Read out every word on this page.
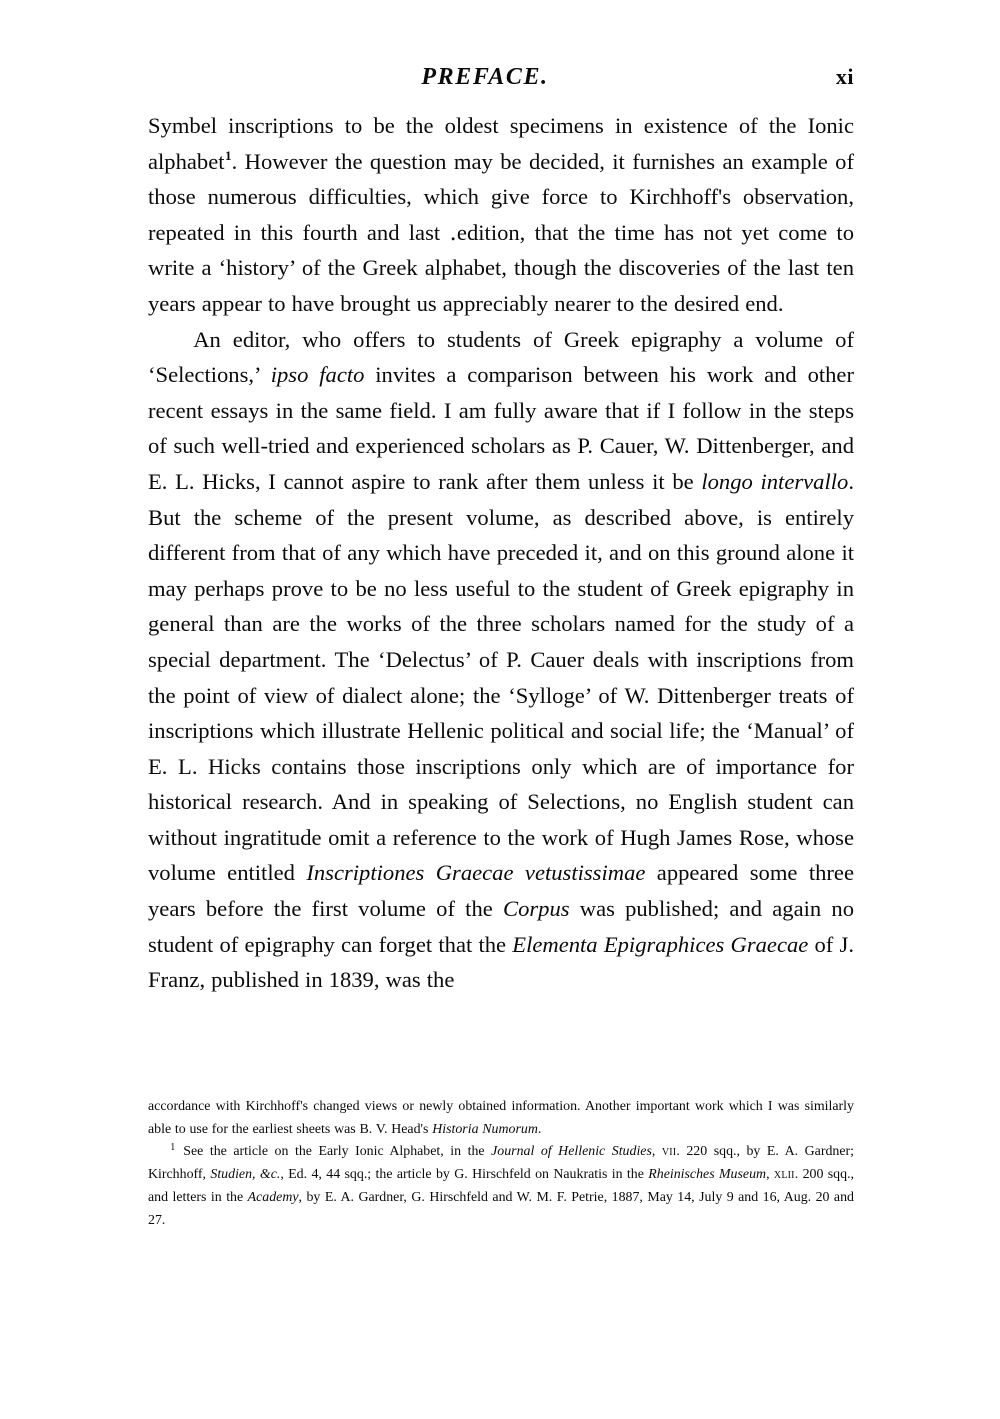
PREFACE.	xi

Symbel inscriptions to be the oldest specimens in existence of the Ionic alphabet$^1$. However the question may be decided, it furnishes an example of those numerous difficulties, which give force to Kirchhoff's observation, repeated in this fourth and last ․edition, that the time has not yet come to write a ‘history’ of the Greek alphabet, though the discoveries of the last ten years appear to have brought us appreciably nearer to the desired end.

An editor, who offers to students of Greek epigraphy a volume of ‘Selections,’ ipso facto invites a comparison between his work and other recent essays in the same field. I am fully aware that if I follow in the steps of such well-tried and experienced scholars as P. Cauer, W. Dittenberger, and E. L. Hicks, I cannot aspire to rank after them unless it be longo intervallo. But the scheme of the present volume, as described above, is entirely different from that of any which have preceded it, and on this ground alone it may perhaps prove to be no less useful to the student of Greek epigraphy in general than are the works of the three scholars named for the study of a special department. The ‘Delectus’ of P. Cauer deals with inscriptions from the point of view of dialect alone; the ‘Sylloge’ of W. Dittenberger treats of inscriptions which illustrate Hellenic political and social life; the ‘Manual’ of E. L. Hicks contains those inscriptions only which are of importance for historical research. And in speaking of Selections, no English student can without ingratitude omit a reference to the work of Hugh James Rose, whose volume entitled Inscriptiones Graecae vetustissimae appeared some three years before the first volume of the Corpus was published; and again no student of epigraphy can forget that the Elementa Epigraphices Graecae of J. Franz, published in 1839, was the

accordance with Kirchhoff's changed views or newly obtained information. Another important work which I was similarly able to use for the earliest sheets was B. V. Head's Historia Numorum.

$^1$ See the article on the Early Ionic Alphabet, in the Journal of Hellenic Studies, vii. 220 sqq., by E. A. Gardner; Kirchhoff, Studien, &c., Ed. 4, 44 sqq.; the article by G. Hirschfeld on Naukratis in the Rheinisches Museum, xlii. 200 sqq., and letters in the Academy, by E. A. Gardner, G. Hirschfeld and W. M. F. Petrie, 1887, May 14, July 9 and 16, Aug. 20 and 27.
